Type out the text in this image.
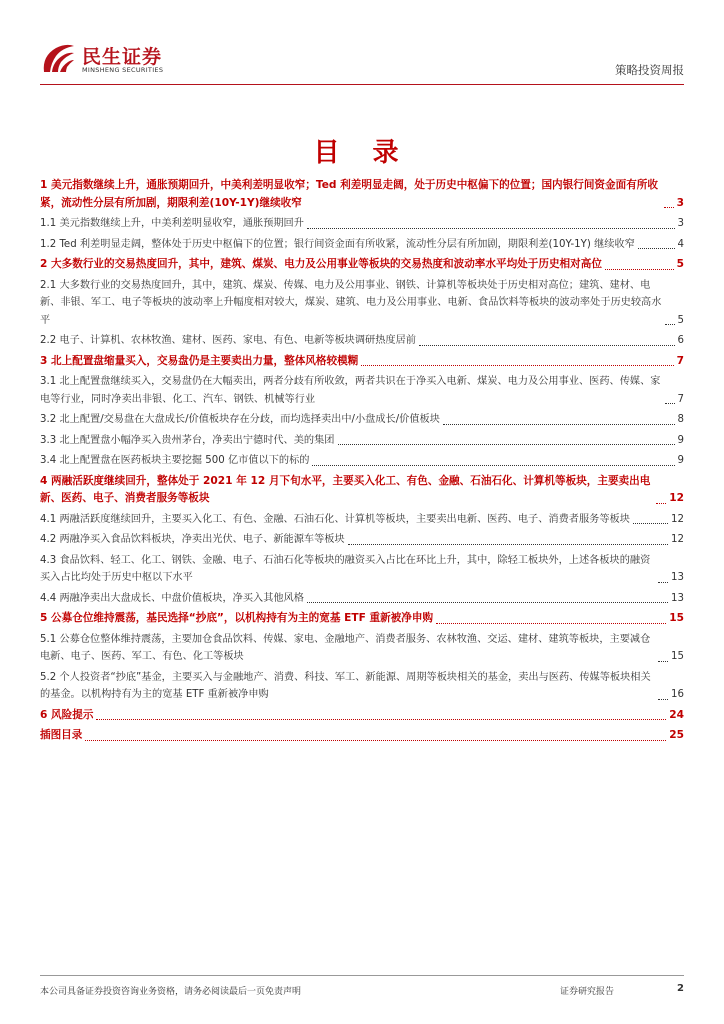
民生证券
MINSHENG SECURITIES	策略投资周报
目 录
1 美元指数继续上升，通胀预期回升，中美利差明显收窄；Ted 利差明显走阔，处于历史中枢偏下的位置；国内银行间资金面有所收紧，流动性分层有所加剧，期限利差(10Y-1Y)继续收窄	3
1.1 美元指数继续上升，中美利差明显收窄，通胀预期回升	3
1.2 Ted 利差明显走阔，整体处于历史中枢偏下的位置；银行间资金面有所收紧，流动性分层有所加剧，期限利差(10Y-1Y) 继续收窄	4
2 大多数行业的交易热度回升，其中，建筑、煤炭、电力及公用事业等板块的交易热度和波动率水平均处于历史相对高位	5
2.1 大多数行业的交易热度回升，其中，建筑、煤炭、传媒、电力及公用事业、钢铁、计算机等板块处于历史相对高位；建筑、建材、电新、非银、军工、电子等板块的波动率上升幅度相对较大，煤炭、建筑、电力及公用事业、电新、食品饮料等板块的波动率处于历史较高水平	5
2.2 电子、计算机、农林牧渔、建材、医药、家电、有色、电新等板块调研热度居前	6
3 北上配置盘缩量买入，交易盘仍是主要卖出力量，整体风格较模糊	7
3.1 北上配置盘继续买入，交易盘仍在大幅卖出，两者分歧有所收敛，两者共识在于净买入电新、煤炭、电力及公用事业、医药、传媒、家电等行业，同时净卖出非银、化工、汽车、钢铁、机械等行业	7
3.2 北上配置/交易盘在大盘成长/价值板块存在分歧，而均选择卖出中/小盘成长/价值板块	8
3.3 北上配置盘小幅净买入贵州茅台，净卖出宁德时代、美的集团	9
3.4 北上配置盘在医药板块主要挖掘 500 亿市值以下的标的	9
4 两融活跃度继续回升，整体处于 2021 年 12 月下旬水平，主要买入化工、有色、金融、石油石化、计算机等板块，主要卖出电新、医药、电子、消费者服务等板块	12
4.1 两融活跃度继续回升，主要买入化工、有色、金融、石油石化、计算机等板块，主要卖出电新、医药、电子、消费者服务等板块	12
4.2 两融净买入食品饮料板块，净卖出光伏、电子、新能源车等板块	12
4.3 食品饮料、轻工、化工、钢铁、金融、电子、石油石化等板块的融资买入占比在环比上升，其中，除轻工板块外，上述各板块的融资买入占比均处于历史中枢以下水平	13
4.4 两融净卖出大盘成长、中盘价值板块，净买入其他风格	13
5 公募仓位维持震荡，基民选择“抄底”，以机构持有为主的宽基 ETF 重新被净申购	15
5.1 公募仓位整体维持震荡，主要加仓食品饮料、传媒、家电、金融地产、消费者服务、农林牧渔、交运、建材、建筑等板块，主要减仓电新、电子、医药、军工、有色、化工等板块	15
5.2 个人投资者“抄底”基金，主要买入与金融地产、消费、科技、军工、新能源、周期等板块相关的基金，卖出与医药、传媒等板块相关的基金。以机构持有为主的宽基 ETF 重新被净申购	16
6 风险提示	24
插图目录	25
本公司具备证券投资咨询业务资格，请务必阅读最后一页免责声明	证券研究报告	2
